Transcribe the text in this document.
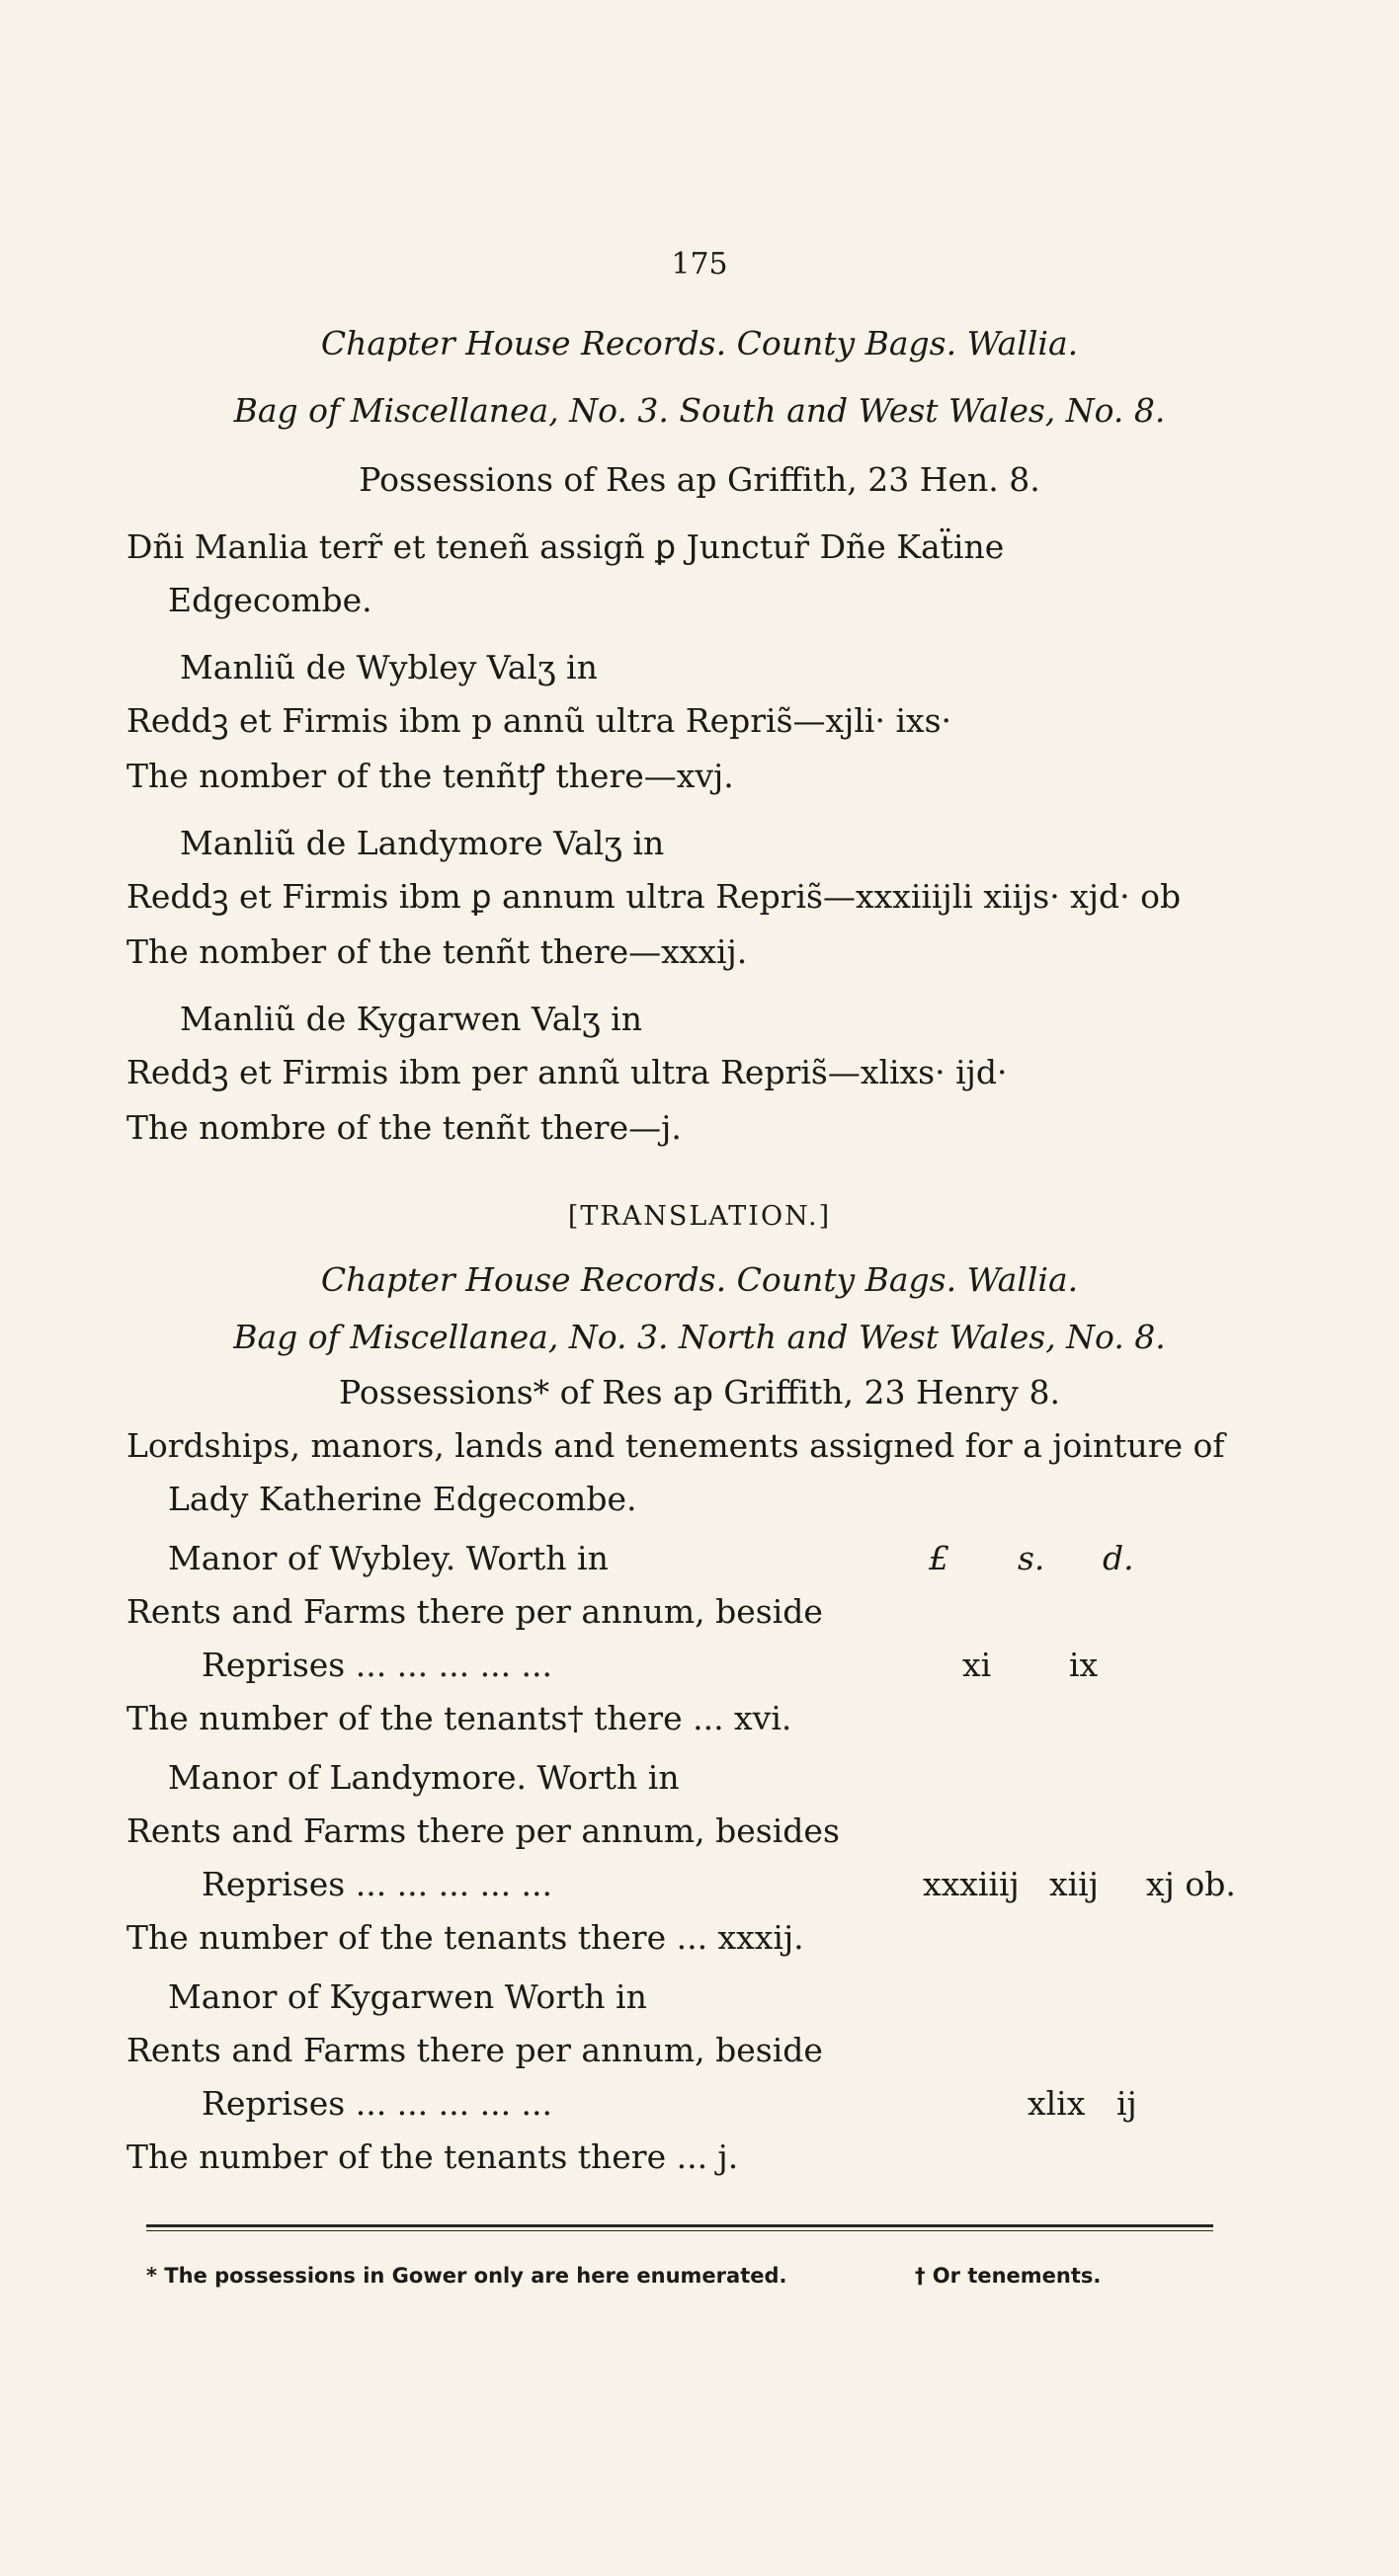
175
Chapter House Records. County Bags. Wallia.
Bag of Miscellanea, No. 3. South and West Wales, No. 8.
Possessions of Res ap Griffith, 23 Hen. 8.
Dñi Manlia terr̃ et teneñ assigñ ꝑ Junctur̃ Dñe Kaẗine
Edgecombe.
Manliũ de Wybley Valʒ in
Reddꝫ et Firmis ibm p annũ ultra Repris̃—xjli· ixs·
The nomber of the tenñtꝭ there—xvj.
Manliũ de Landymore Valʒ in
Reddꝫ et Firmis ibm ꝑ annum ultra Repris̃—xxxiiijli xiijs· xjd· ob
The nomber of the tenñt there—xxxij.
Manliũ de Kygarwen Valʒ in
Reddꝫ et Firmis ibm per annũ ultra Repris̃—xlixs· ijd·
The nombre of the tenñt there—j.
[TRANSLATION.]
Chapter House Records. County Bags. Wallia.
Bag of Miscellanea, No. 3. North and West Wales, No. 8.
Possessions* of Res ap Griffith, 23 Henry 8.
Lordships, manors, lands and tenements assigned for a jointure of
Lady Katherine Edgecombe.
£ s. d.
Manor of Wybley. Worth in
Rents and Farms there per annum, beside
Reprises ... ... ... ... ...	xi ix
The number of the tenants† there ... xvi.
Manor of Landymore. Worth in
Rents and Farms there per annum, besides
Reprises ... ... ... ... ...	xxxiiij xiij xj ob.
The number of the tenants there ... xxxij.
Manor of Kygarwen Worth in
Rents and Farms there per annum, beside
Reprises ... ... ... ... ...	xlix ij
The number of the tenants there ... j.
* The possessions in Gower only are here enumerated.	† Or tenements.
